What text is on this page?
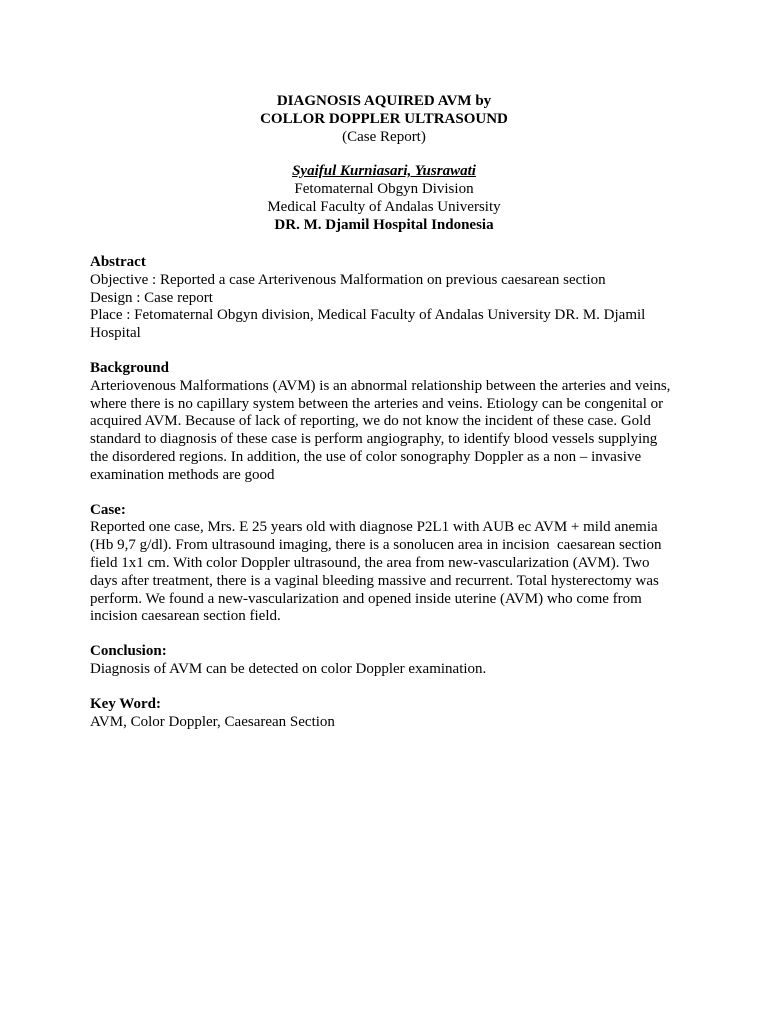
DIAGNOSIS AQUIRED AVM by
COLLOR DOPPLER ULTRASOUND
(Case Report)
Syaiful Kurniasari, Yusrawati
Fetomaternal Obgyn Division
Medical Faculty of Andalas University
DR. M. Djamil Hospital Indonesia
Abstract
Objective : Reported a case Arterivenous Malformation on previous caesarean section
Design : Case report
Place : Fetomaternal Obgyn division, Medical Faculty of Andalas University DR. M. Djamil
Hospital
Background
Arteriovenous Malformations (AVM) is an abnormal relationship between the arteries and veins,
where there is no capillary system between the arteries and veins. Etiology can be congenital or
acquired AVM. Because of lack of reporting, we do not know the incident of these case. Gold
standard to diagnosis of these case is perform angiography, to identify blood vessels supplying
the disordered regions. In addition, the use of color sonography Doppler as a non – invasive
examination methods are good
Case:
Reported one case, Mrs. E 25 years old with diagnose P2L1 with AUB ec AVM + mild anemia
(Hb 9,7 g/dl). From ultrasound imaging, there is a sonolucen area in incision  caesarean section
field 1x1 cm. With color Doppler ultrasound, the area from new-vascularization (AVM). Two
days after treatment, there is a vaginal bleeding massive and recurrent. Total hysterectomy was
perform. We found a new-vascularization and opened inside uterine (AVM) who come from
incision caesarean section field.
Conclusion:
Diagnosis of AVM can be detected on color Doppler examination.
Key Word:
AVM, Color Doppler, Caesarean Section
